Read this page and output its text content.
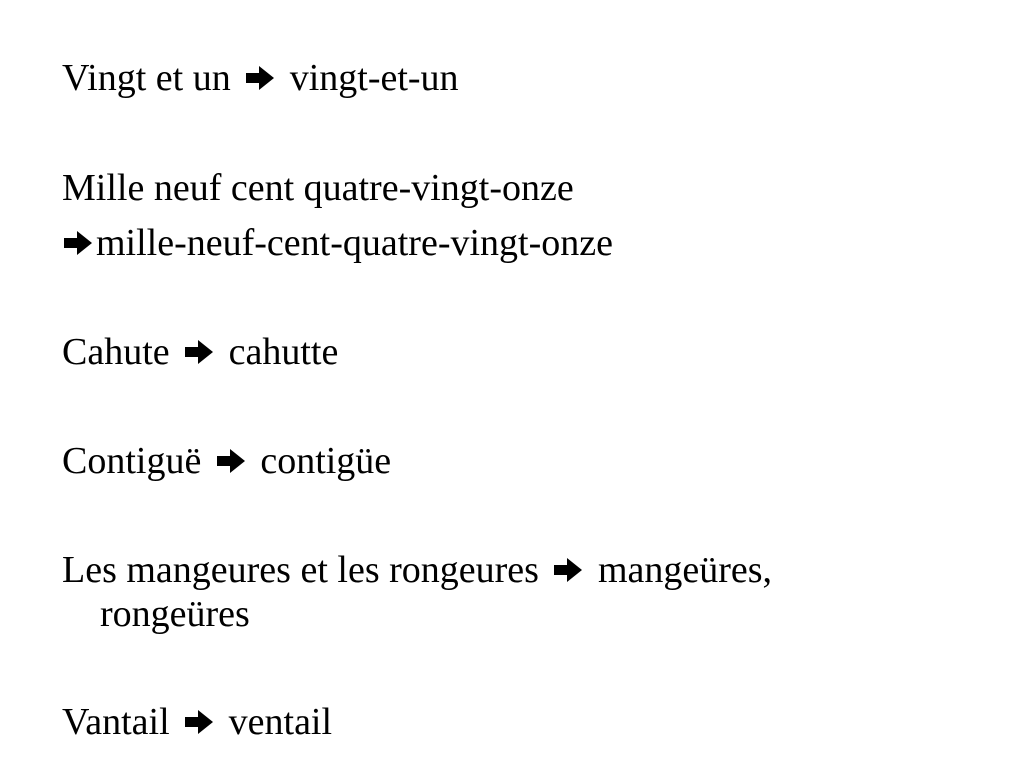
Vingt et un vingt-et-un
Mille neuf cent quatre-vingt-onze
mille-neuf-cent-quatre-vingt-onze
Cahute cahutte
Contiguë contigüe
Les mangeures et les rongeures mangeüres,
rongeüres
Vantail ventail
